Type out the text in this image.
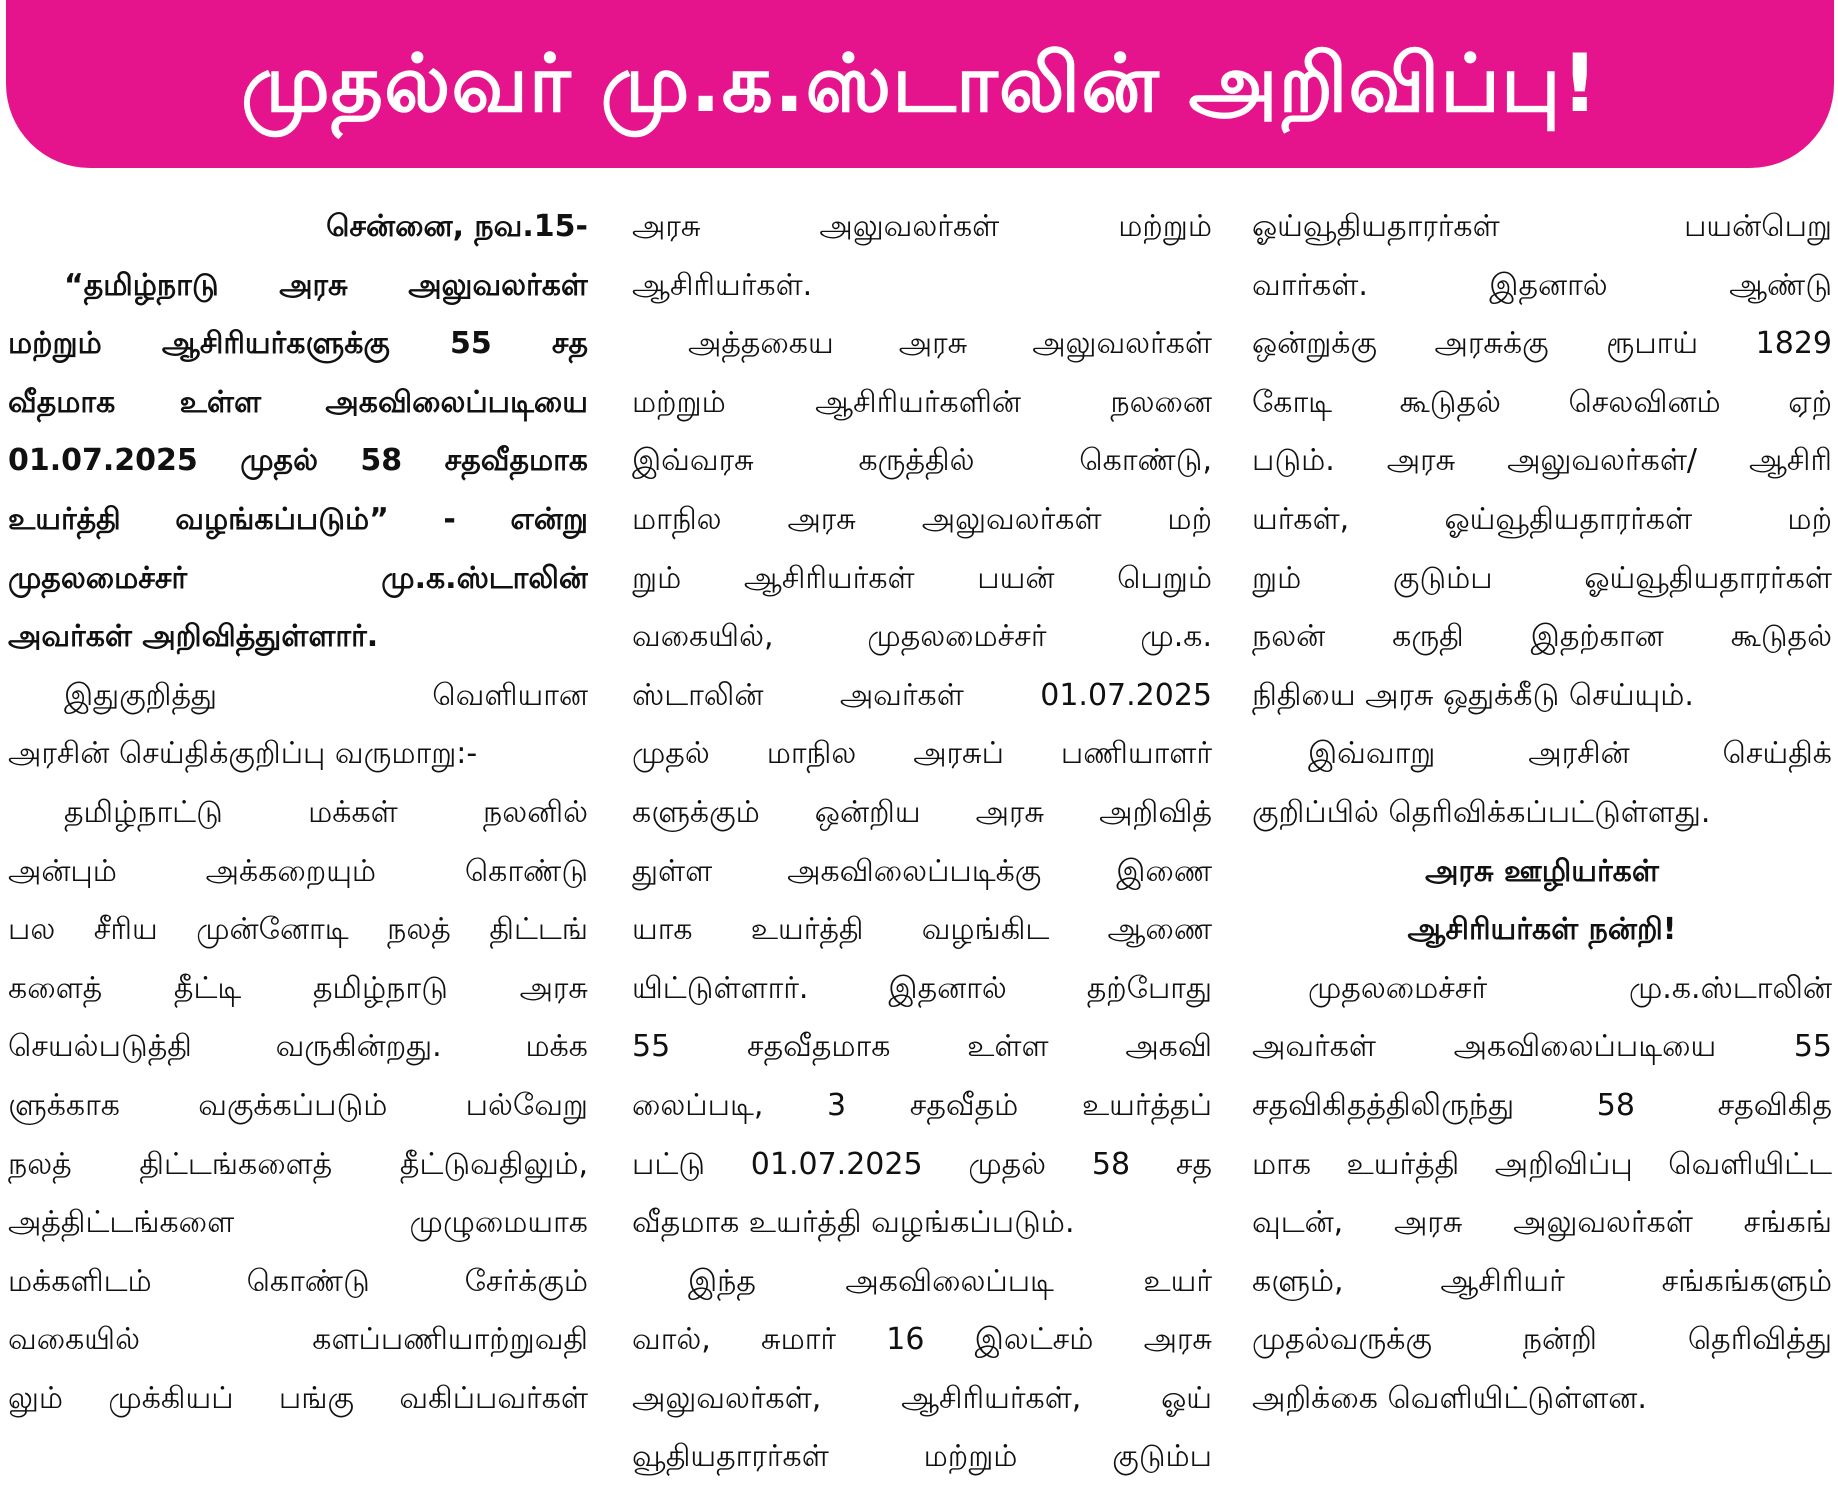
முதல்வர் மு.க.ஸ்டாலின் அறிவிப்பு!
சென்னை, நவ.15-
“தமிழ்நாடு அரசு அலுவலர்கள்
மற்றும் ஆசிரியர்களுக்கு 55 சத
வீதமாக உள்ள அகவிலைப்படியை
01.07.2025 முதல் 58 சதவீதமாக
உயர்த்தி வழங்கப்படும்” - என்று
முதலமைச்சர் மு.க.ஸ்டாலின்
அவர்கள் அறிவித்துள்ளார்.
இதுகுறித்து வெளியான
அரசின் செய்திக்குறிப்பு வருமாறு:-
தமிழ்நாட்டு மக்கள் நலனில்
அன்பும் அக்கறையும் கொண்டு
பல சீரிய முன்னோடி நலத் திட்டங்
களைத் தீட்டி தமிழ்நாடு அரசு
செயல்படுத்தி வருகின்றது. மக்க
ளுக்காக வகுக்கப்படும் பல்வேறு
நலத் திட்டங்களைத் தீட்டுவதிலும்,
அத்திட்டங்களை முழுமையாக
மக்களிடம் கொண்டு சேர்க்கும்
வகையில் களப்பணியாற்றுவதி
லும் முக்கியப் பங்கு வகிப்பவர்கள்
அரசு அலுவலர்கள் மற்றும்
ஆசிரியர்கள்.
அத்தகைய அரசு அலுவலர்கள்
மற்றும் ஆசிரியர்களின் நலனை
இவ்வரசு கருத்தில் கொண்டு,
மாநில அரசு அலுவலர்கள் மற்
றும் ஆசிரியர்கள் பயன் பெறும்
வகையில், முதலமைச்சர் மு.க.
ஸ்டாலின் அவர்கள் 01.07.2025
முதல் மாநில அரசுப் பணியாளர்
களுக்கும் ஒன்றிய அரசு அறிவித்
துள்ள அகவிலைப்படிக்கு இணை
யாக உயர்த்தி வழங்கிட ஆணை
யிட்டுள்ளார். இதனால் தற்போது
55 சதவீதமாக உள்ள அகவி
லைப்படி, 3 சதவீதம் உயர்த்தப்
பட்டு 01.07.2025 முதல் 58 சத
வீதமாக உயர்த்தி வழங்கப்படும்.
இந்த அகவிலைப்படி உயர்
வால், சுமார் 16 இலட்சம் அரசு
அலுவலர்கள், ஆசிரியர்கள், ஓய்
வூதியதாரர்கள் மற்றும் குடும்ப
ஓய்வூதியதாரர்கள் பயன்பெறு
வார்கள். இதனால் ஆண்டு
ஒன்றுக்கு அரசுக்கு ரூபாய் 1829
கோடி கூடுதல் செலவினம் ஏற்
படும். அரசு அலுவலர்கள்/ ஆசிரி
யர்கள், ஓய்வூதியதாரர்கள் மற்
றும் குடும்ப ஓய்வூதியதாரர்கள்
நலன் கருதி இதற்கான கூடுதல்
நிதியை அரசு ஒதுக்கீடு செய்யும்.
இவ்வாறு அரசின் செய்திக்
குறிப்பில் தெரிவிக்கப்பட்டுள்ளது.
அரசு ஊழியர்கள்
ஆசிரியர்கள் நன்றி!
முதலமைச்சர் மு.க.ஸ்டாலின்
அவர்கள் அகவிலைப்படியை 55
சதவிகிதத்திலிருந்து 58 சதவிகித
மாக உயர்த்தி அறிவிப்பு வெளியிட்ட
வுடன், அரசு அலுவலர்கள் சங்கங்
களும், ஆசிரியர் சங்கங்களும்
முதல்வருக்கு நன்றி தெரிவித்து
அறிக்கை வெளியிட்டுள்ளன.
